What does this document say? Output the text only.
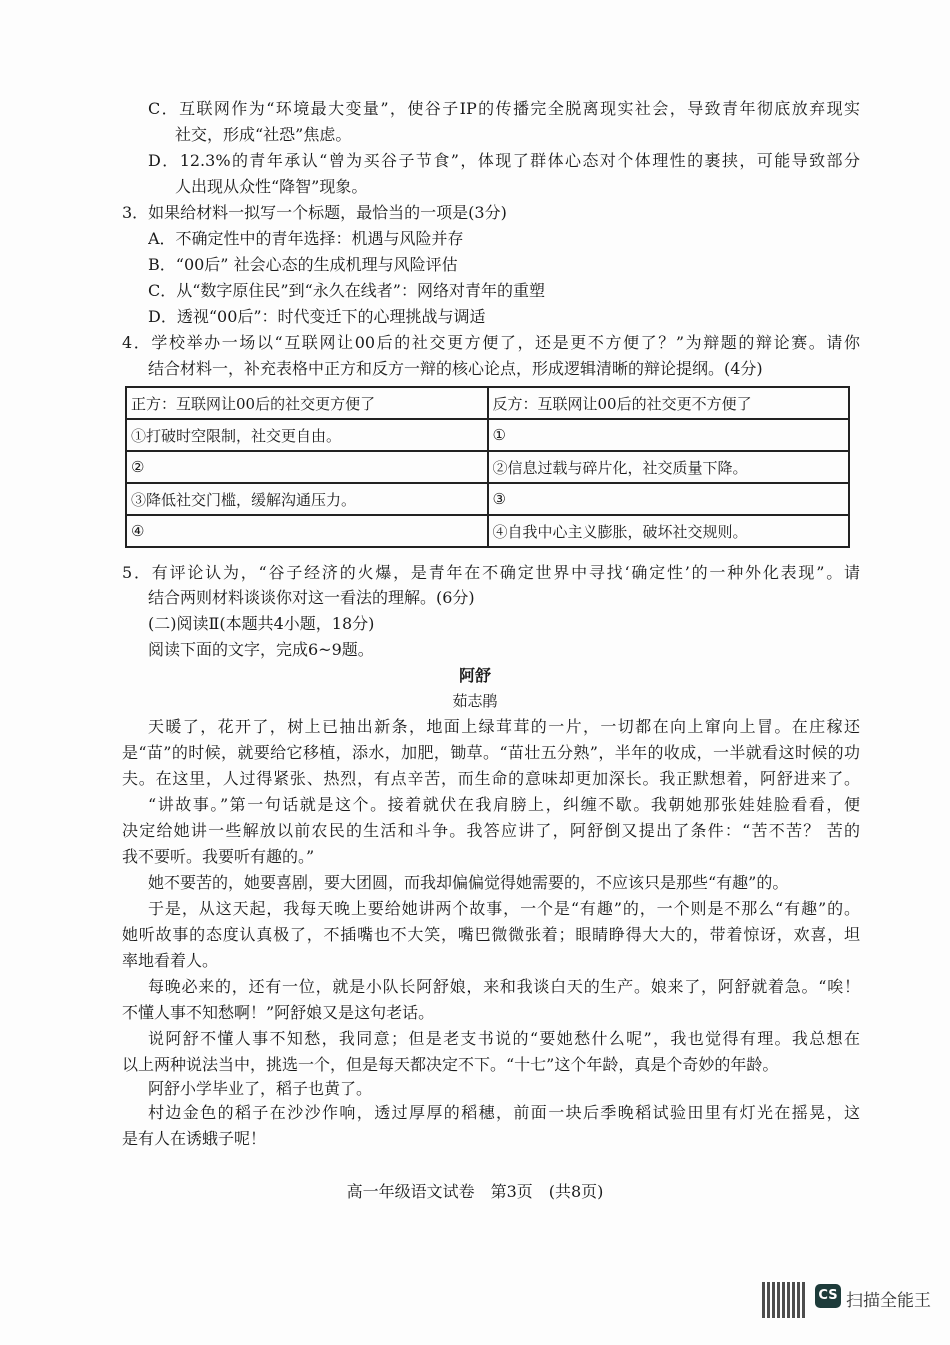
C．互联网作为“环境最大变量”，使谷子IP的传播完全脱离现实社会，导致青年彻底放弃现实
社交，形成“社恐”焦虑。
D．12.3%的青年承认“曾为买谷子节食”，体现了群体心态对个体理性的裹挟，可能导致部分
人出现从众性“降智”现象。
3．如果给材料一拟写一个标题，最恰当的一项是(3分)
A．不确定性中的青年选择：机遇与风险并存
B．“00后” 社会心态的生成机理与风险评估
C．从“数字原住民”到“永久在线者”：网络对青年的重塑
D．透视“00后”：时代变迁下的心理挑战与调适
4．学校举办一场以“互联网让00后的社交更方便了，还是更不方便了？”为辩题的辩论赛。请你
结合材料一，补充表格中正方和反方一辩的核心论点，形成逻辑清晰的辩论提纲。(4分)
正方：互联网让00后的社交更方便了	反方：互联网让00后的社交更不方便了
①打破时空限制，社交更自由。	①
②	②信息过载与碎片化，社交质量下降。
③降低社交门槛，缓解沟通压力。	③
④	④自我中心主义膨胀，破坏社交规则。
5．有评论认为，“谷子经济的火爆，是青年在不确定世界中寻找‘确定性’的一种外化表现”。请
结合两则材料谈谈你对这一看法的理解。(6分)
(二)阅读Ⅱ(本题共4小题，18分)
阅读下面的文字，完成6~9题。
阿舒
茹志鹃
天暖了，花开了，树上已抽出新条，地面上绿茸茸的一片，一切都在向上窜向上冒。在庄稼还
是“苗”的时候，就要给它移植，添水，加肥，锄草。“苗壮五分熟”，半年的收成，一半就看这时候的功
夫。在这里，人过得紧张、热烈，有点辛苦，而生命的意味却更加深长。我正默想着，阿舒进来了。
“讲故事。”第一句话就是这个。接着就伏在我肩膀上，纠缠不歇。我朝她那张娃娃脸看看，便
决定给她讲一些解放以前农民的生活和斗争。我答应讲了，阿舒倒又提出了条件：“苦不苦？ 苦的
我不要听。我要听有趣的。”
她不要苦的，她要喜剧，要大团圆，而我却偏偏觉得她需要的，不应该只是那些“有趣”的。
于是，从这天起，我每天晚上要给她讲两个故事，一个是“有趣”的，一个则是不那么“有趣”的。
她听故事的态度认真极了，不插嘴也不大笑，嘴巴微微张着；眼睛睁得大大的，带着惊讶，欢喜，坦
率地看着人。
每晚必来的，还有一位，就是小队长阿舒娘，来和我谈白天的生产。娘来了，阿舒就着急。“唉！
不懂人事不知愁啊！”阿舒娘又是这句老话。
说阿舒不懂人事不知愁，我同意；但是老支书说的“要她愁什么呢”，我也觉得有理。我总想在
以上两种说法当中，挑选一个，但是每天都决定不下。“十七”这个年龄，真是个奇妙的年龄。
阿舒小学毕业了，稻子也黄了。
村边金色的稻子在沙沙作响，透过厚厚的稻穗，前面一块后季晚稻试验田里有灯光在摇晃，这
是有人在诱蛾子呢！
高一年级语文试卷　第3页　(共8页)
CS 扫描全能王
